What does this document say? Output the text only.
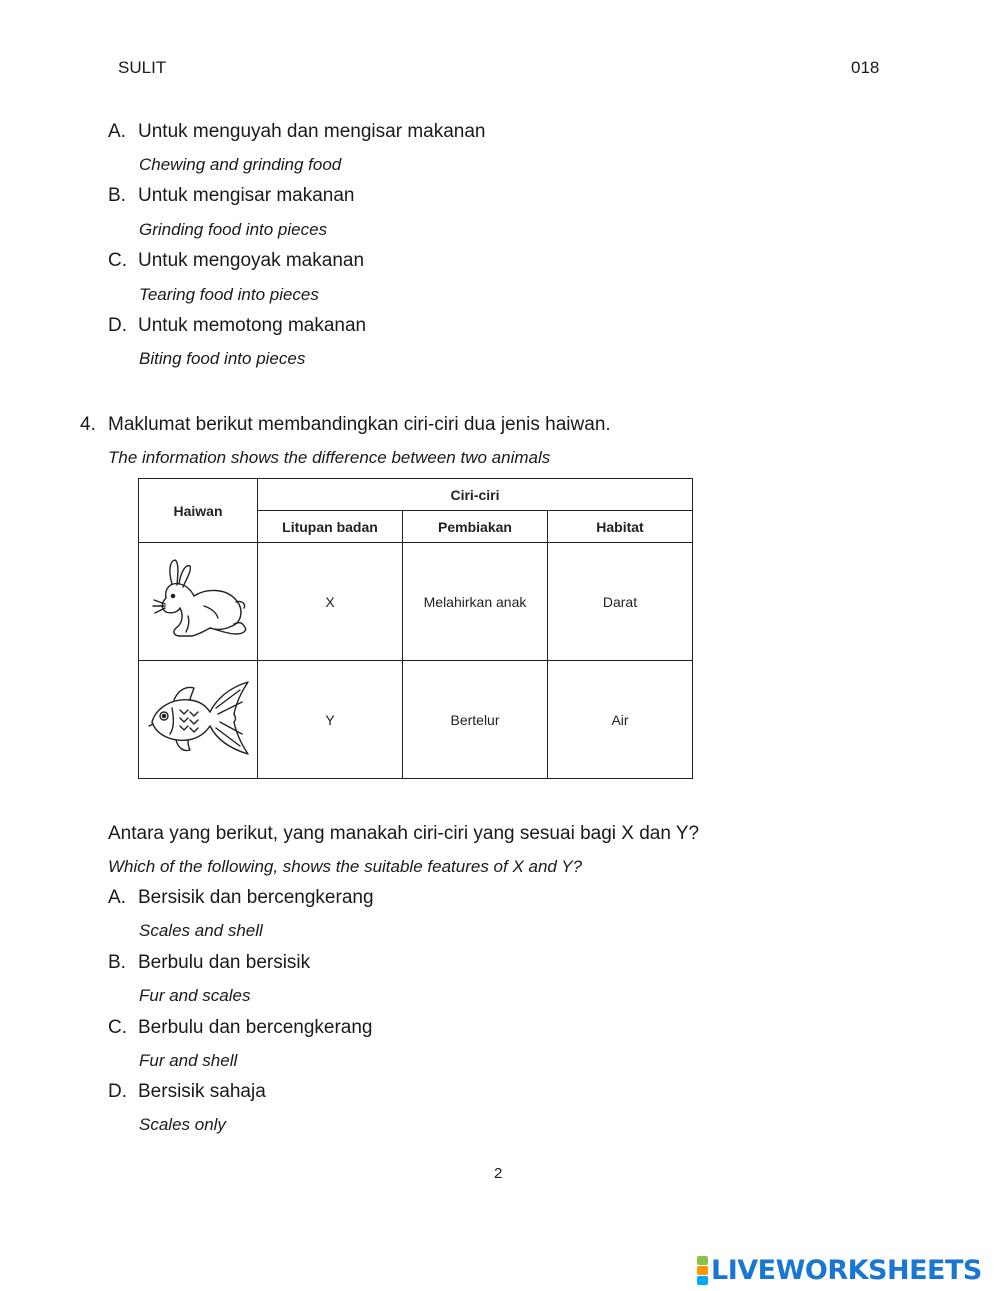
SULIT	018
A. Untuk menguyah dan mengisar makanan
Chewing and grinding food
B. Untuk mengisar makanan
Grinding food into pieces
C. Untuk mengoyak makanan
Tearing food into pieces
D. Untuk memotong makanan
Biting food into pieces
4. Maklumat berikut membandingkan ciri-ciri dua jenis haiwan.
The information shows the difference between two animals
Haiwan	Ciri-ciri		
	Litupan badan	Pembiakan	Habitat
	X	Melahirkan anak	Darat
	Y	Bertelur	Air
Antara yang berikut, yang manakah ciri-ciri yang sesuai bagi X dan Y?
Which of the following, shows the suitable features of X and Y?
A. Bersisik dan bercengkerang
Scales and shell
B. Berbulu dan bersisik
Fur and scales
C. Berbulu dan bercengkerang
Fur and shell
D. Bersisik sahaja
Scales only
2
LIVEWORKSHEETS
